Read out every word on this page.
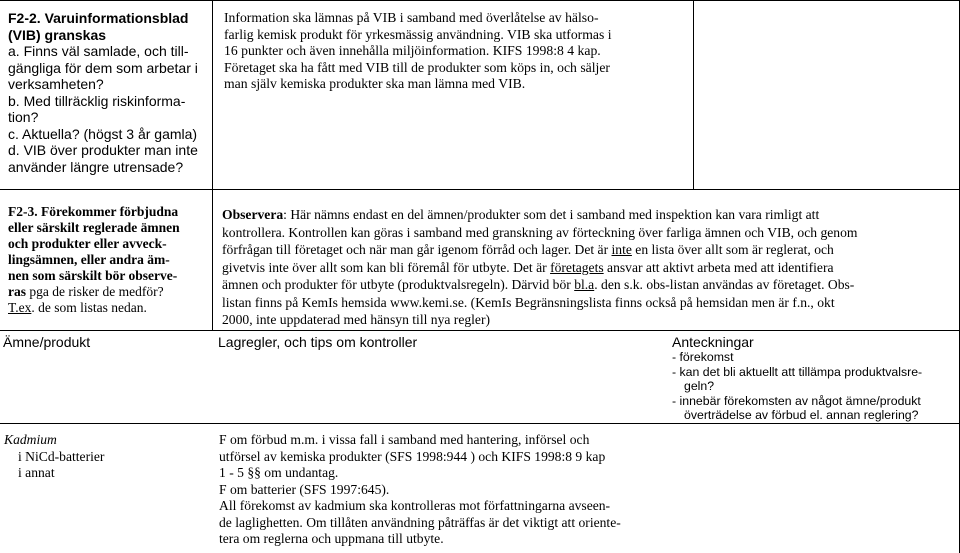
F2-2. Varuinformationsblad (VIB) granskas

a. Finns väl samlade, och till-

gängliga för dem som arbetar i

verksamheten?

b. Med tillräcklig riskinforma-

tion?

c. Aktuella? (högst 3 år gamla)

d. VIB över produkter man inte

använder längre utrensade?

Information ska lämnas på VIB i samband med överlåtelse av hälso-

farlig kemisk produkt för yrkesmässig användning. VIB ska utformas i

16 punkter och även innehålla miljöinformation. KIFS 1998:8 4 kap.

Företaget ska ha fått med VIB till de produkter som köps in, och säljer

man själv kemiska produkter ska man lämna med VIB.

F2-3. Förekommer förbjudna

eller särskilt reglerade ämnen

och produkter eller avveck-

lingsämnen, eller andra äm-

nen som särskilt bör observe-

ras pga de risker de medför?

T.ex. de som listas nedan.

Observera: Här nämns endast en del ämnen/produkter som det i samband med inspektion kan vara rimligt att

kontrollera. Kontrollen kan göras i samband med granskning av förteckning över farliga ämnen och VIB, och genom

förfrågan till företaget och när man går igenom förråd och lager. Det är inte en lista över allt som är reglerat, och

givetvis inte över allt som kan bli föremål för utbyte. Det är företagets ansvar att aktivt arbeta med att identifiera

ämnen och produkter för utbyte (produktvalsregeln). Därvid bör bl.a. den s.k. obs-listan användas av företaget. Obs-

listan finns på KemIs hemsida www.kemi.se. (KemIs Begränsningslista finns också på hemsidan men är f.n., okt

2000, inte uppdaterad med hänsyn till nya regler)

Ämne/produkt	Lagregler, och tips om kontroller	Anteckningar

- förekomst

- kan det bli aktuellt att tillämpa produktvalsre-

geln?

- innebär förekomsten av något ämne/produkt

överträdelse av förbud el. annan reglering?

Kadmium

i NiCd-batterier

i annat

F om förbud m.m. i vissa fall i samband med hantering, införsel och

utförsel av kemiska produkter (SFS 1998:944 ) och KIFS 1998:8 9 kap

1 - 5 §§ om undantag.

F om batterier (SFS 1997:645).

All förekomst av kadmium ska kontrolleras mot författningarna avseen-

de laglighetten. Om tillåten användning påträffas är det viktigt att oriente-

tera om reglerna och uppmana till utbyte.
